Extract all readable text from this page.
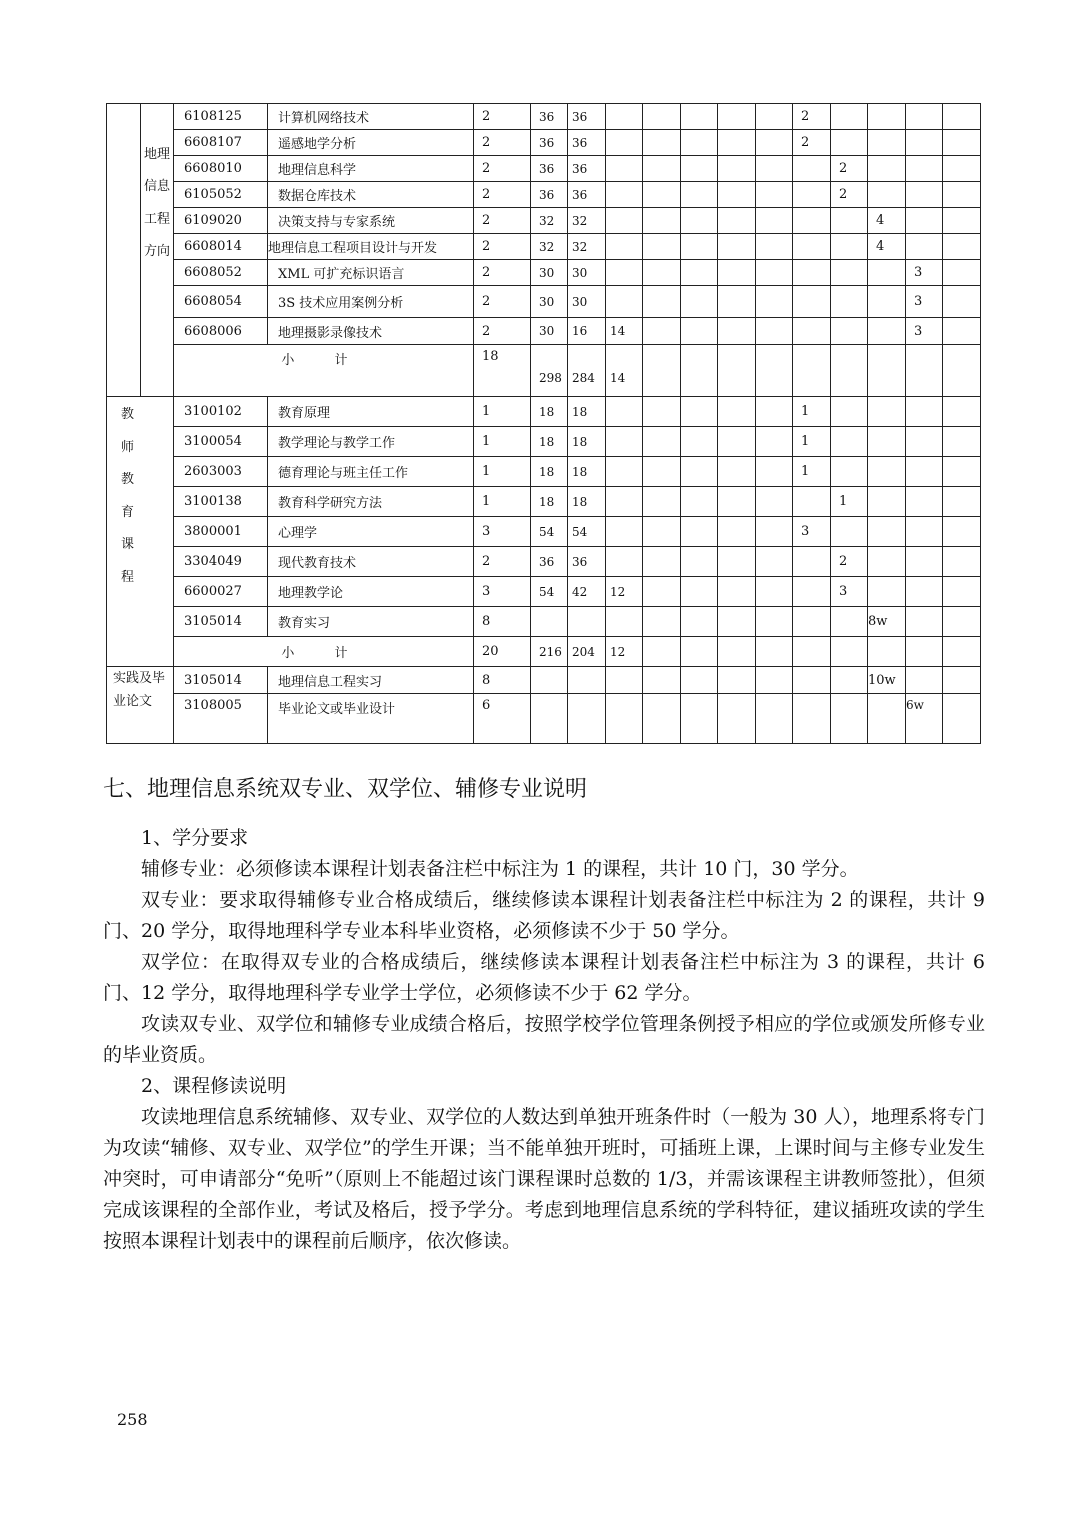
	地理信息工程方向	6108125	计算机网络技术	2	36	36						2				
		6608107	遥感地学分析	2	36	36						2				
		6608010	地理信息科学	2	36	36							2			
		6105052	数据仓库技术	2	36	36							2			
		6109020	决策支持与专家系统	2	32	32								4		
		6608014	地理信息工程项目设计与开发	2	32	32								4		
		6608052	XML 可扩充标识语言	2	30	30									3	
		6608054	3S 技术应用案例分析	2	30	30									3	
		6608006	地理摄影录像技术	2	30	16	14								3	
		小 计		18	298	284	14									
教师教育课程		3100102	教育原理	1	18	18						1				
		3100054	教学理论与教学工作	1	18	18						1				
		2603003	德育理论与班主任工作	1	18	18						1				
		3100138	教育科学研究方法	1	18	18							1			
		3800001	心理学	3	54	54						3				
		3304049	现代教育技术	2	36	36							2			
		6600027	地理教学论	3	54	42	12						3			
		3105014	教育实习	8										8w		
		小 计		20	216	204	12									
实践及毕业论文		3105014	地理信息工程实习	8										10w		
		3108005	毕业论文或毕业设计	6											6w	
七、地理信息系统双专业、双学位、辅修专业说明

1、学分要求

辅修专业：必须修读本课程计划表备注栏中标注为 1 的课程，共计 10 门，30 学分。

双专业：要求取得辅修专业合格成绩后，继续修读本课程计划表备注栏中标注为 2 的课程，共计 9 门、20 学分，取得地理科学专业本科毕业资格，必须修读不少于 50 学分。

双学位：在取得双专业的合格成绩后，继续修读本课程计划表备注栏中标注为 3 的课程，共计 6 门、12 学分，取得地理科学专业学士学位，必须修读不少于 62 学分。

攻读双专业、双学位和辅修专业成绩合格后，按照学校学位管理条例授予相应的学位或颁发所修专业的毕业资质。

2、课程修读说明

攻读地理信息系统辅修、双专业、双学位的人数达到单独开班条件时（一般为 30 人），地理系将专门为攻读“辅修、双专业、双学位”的学生开课；当不能单独开班时，可插班上课，上课时间与主修专业发生冲突时，可申请部分“免听”（原则上不能超过该门课程课时总数的 1/3，并需该课程主讲教师签批），但须完成该课程的全部作业，考试及格后，授予学分。考虑到地理信息系统的学科特征，建议插班攻读的学生按照本课程计划表中的课程前后顺序，依次修读。

258
